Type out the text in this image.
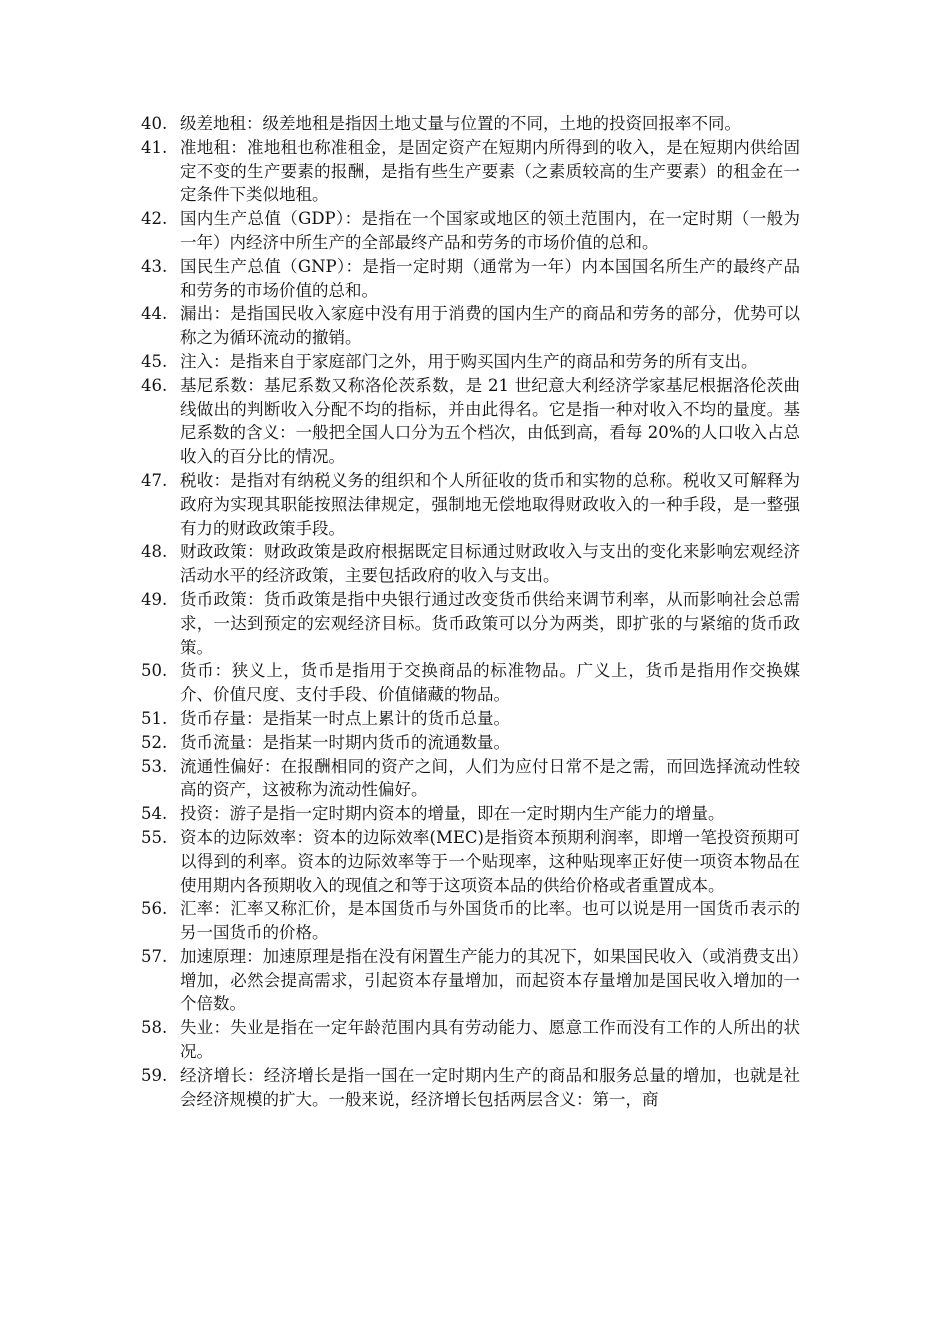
40. 级差地租：级差地租是指因土地丈量与位置的不同，土地的投资回报率不同。
41. 准地租：准地租也称准租金，是固定资产在短期内所得到的收入，是在短期内供给固定不变的生产要素的报酬，是指有些生产要素（之素质较高的生产要素）的租金在一定条件下类似地租。
42. 国内生产总值（GDP）：是指在一个国家或地区的领土范围内，在一定时期（一般为一年）内经济中所生产的全部最终产品和劳务的市场价值的总和。
43. 国民生产总值（GNP）：是指一定时期（通常为一年）内本国国名所生产的最终产品和劳务的市场价值的总和。
44. 漏出：是指国民收入家庭中没有用于消费的国内生产的商品和劳务的部分，优势可以称之为循环流动的撤销。
45. 注入：是指来自于家庭部门之外，用于购买国内生产的商品和劳务的所有支出。
46. 基尼系数：基尼系数又称洛伦茨系数，是 21 世纪意大利经济学家基尼根据洛伦茨曲线做出的判断收入分配不均的指标，并由此得名。它是指一种对收入不均的量度。基尼系数的含义：一般把全国人口分为五个档次，由低到高，看每 20%的人口收入占总收入的百分比的情况。
47. 税收：是指对有纳税义务的组织和个人所征收的货币和实物的总称。税收又可解释为政府为实现其职能按照法律规定，强制地无偿地取得财政收入的一种手段，是一整强有力的财政政策手段。
48. 财政政策：财政政策是政府根据既定目标通过财政收入与支出的变化来影响宏观经济活动水平的经济政策，主要包括政府的收入与支出。
49. 货币政策：货币政策是指中央银行通过改变货币供给来调节利率，从而影响社会总需求，一达到预定的宏观经济目标。货币政策可以分为两类，即扩张的与紧缩的货币政策。
50. 货币：狭义上，货币是指用于交换商品的标准物品。广义上，货币是指用作交换媒介、价值尺度、支付手段、价值储藏的物品。
51. 货币存量：是指某一时点上累计的货币总量。
52. 货币流量：是指某一时期内货币的流通数量。
53. 流通性偏好：在报酬相同的资产之间，人们为应付日常不是之需，而回选择流动性较高的资产，这被称为流动性偏好。
54. 投资：游子是指一定时期内资本的增量，即在一定时期内生产能力的增量。
55. 资本的边际效率：资本的边际效率(MEC)是指资本预期利润率，即增一笔投资预期可以得到的利率。资本的边际效率等于一个贴现率，这种贴现率正好使一项资本物品在使用期内各预期收入的现值之和等于这项资本品的供给价格或者重置成本。
56. 汇率：汇率又称汇价，是本国货币与外国货币的比率。也可以说是用一国货币表示的另一国货币的价格。
57. 加速原理：加速原理是指在没有闲置生产能力的其况下，如果国民收入（或消费支出）增加，必然会提高需求，引起资本存量增加，而起资本存量增加是国民收入增加的一个倍数。
58. 失业：失业是指在一定年龄范围内具有劳动能力、愿意工作而没有工作的人所出的状况。
59. 经济增长：经济增长是指一国在一定时期内生产的商品和服务总量的增加，也就是社会经济规模的扩大。一般来说，经济增长包括两层含义：第一，商
